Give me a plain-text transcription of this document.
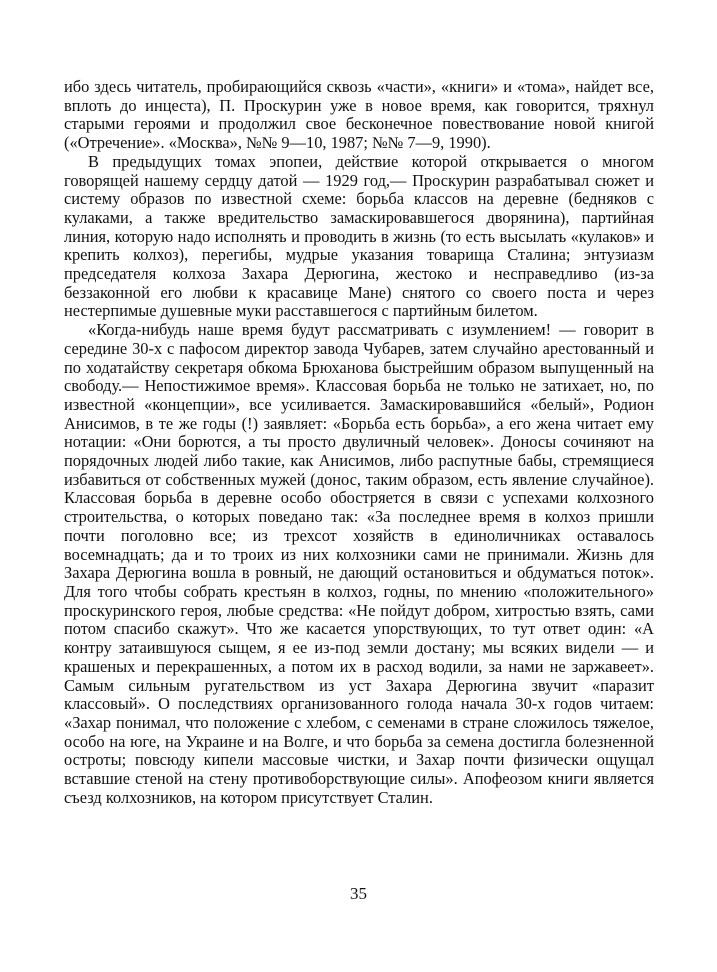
ибо здесь читатель, пробирающийся сквозь «части», «книги» и «тома», найдет все, вплоть до инцеста), П. Проскурин уже в новое время, как говорится, тряхнул старыми героями и продолжил свое бесконечное повествование новой книгой («Отречение». «Москва», №№ 9—10, 1987; №№ 7—9, 1990).

В предыдущих томах эпопеи, действие которой открывается о многом говорящей нашему сердцу датой — 1929 год,— Проскурин разрабатывал сюжет и систему образов по известной схеме: борьба классов на деревне (бедняков с кулаками, а также вредительство замаскировавшегося дворянина), партийная линия, которую надо исполнять и проводить в жизнь (то есть высылать «кулаков» и крепить колхоз), перегибы, мудрые указания товарища Сталина; энтузиазм председателя колхоза Захара Дерюгина, жестоко и несправедливо (из-за беззаконной его любви к красавице Мане) снятого со своего поста и через нестерпимые душевные муки расставшегося с партийным билетом.

«Когда-нибудь наше время будут рассматривать с изумлением! — говорит в середине 30-х с пафосом директор завода Чубарев, затем случайно арестованный и по ходатайству секретаря обкома Брюханова быстрейшим образом выпущенный на свободу.— Непостижимое время». Классовая борьба не только не затихает, но, по известной «концепции», все усиливается. Замаскировавшийся «белый», Родион Анисимов, в те же годы (!) заявляет: «Борьба есть борьба», а его жена читает ему нотации: «Они борются, а ты просто двуличный человек». Доносы сочиняют на порядочных людей либо такие, как Анисимов, либо распутные бабы, стремящиеся избавиться от собственных мужей (донос, таким образом, есть явление случайное). Классовая борьба в деревне особо обостряется в связи с успехами колхозного строительства, о которых поведано так: «За последнее время в колхоз пришли почти поголовно все; из трехсот хозяйств в единоличниках оставалось восемнадцать; да и то троих из них колхозники сами не принимали. Жизнь для Захара Дерюгина вошла в ровный, не дающий остановиться и обдуматься поток». Для того чтобы собрать крестьян в колхоз, годны, по мнению «положительного» проскуринского героя, любые средства: «Не пойдут добром, хитростью взять, сами потом спасибо скажут». Что же касается упорствующих, то тут ответ один: «А контру затаившуюся сыщем, я ее из-под земли достану; мы всяких видели — и крашеных и перекрашенных, а потом их в расход водили, за нами не заржавеет». Самым сильным ругательством из уст Захара Дерюгина звучит «паразит классовый». О последствиях организованного голода начала 30-х годов читаем: «Захар понимал, что положение с хлебом, с семенами в стране сложилось тяжелое, особо на юге, на Украине и на Волге, и что борьба за семена достигла болезненной остроты; повсюду кипели массовые чистки, и Захар почти физически ощущал вставшие стеной на стену противоборствующие силы». Апофеозом книги является съезд колхозников, на котором присутствует Сталин.

35
